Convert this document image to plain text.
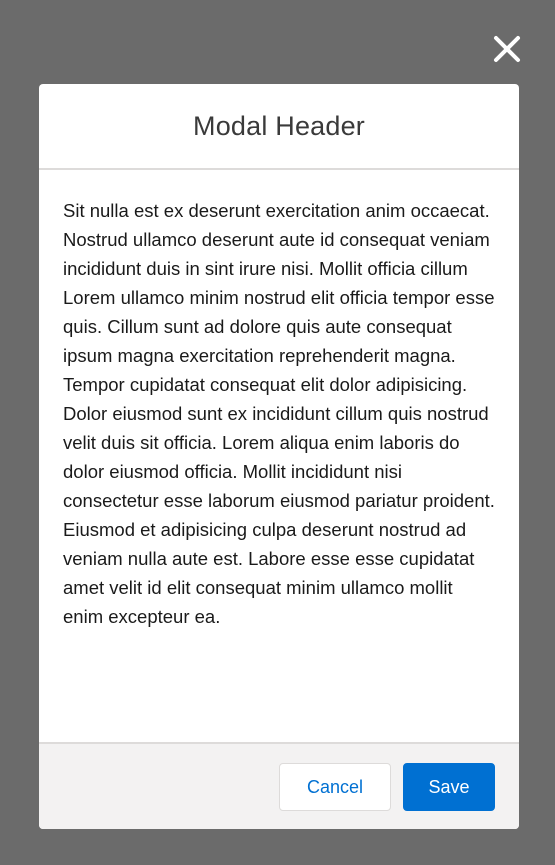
Modal Header

Sit nulla est ex deserunt exercitation anim occaecat. Nostrud ullamco deserunt aute id consequat veniam incididunt duis in sint irure nisi. Mollit officia cillum Lorem ullamco minim nostrud elit officia tempor esse quis. Cillum sunt ad dolore quis aute consequat ipsum magna exercitation reprehenderit magna. Tempor cupidatat consequat elit dolor adipisicing.

Dolor eiusmod sunt ex incididunt cillum quis nostrud velit duis sit officia. Lorem aliqua enim laboris do dolor eiusmod officia. Mollit incididunt nisi consectetur esse laborum eiusmod pariatur proident. Eiusmod et adipisicing culpa deserunt nostrud ad veniam nulla aute est. Labore esse esse cupidatat amet velit id elit consequat minim ullamco mollit enim excepteur ea.

Cancel	Save
